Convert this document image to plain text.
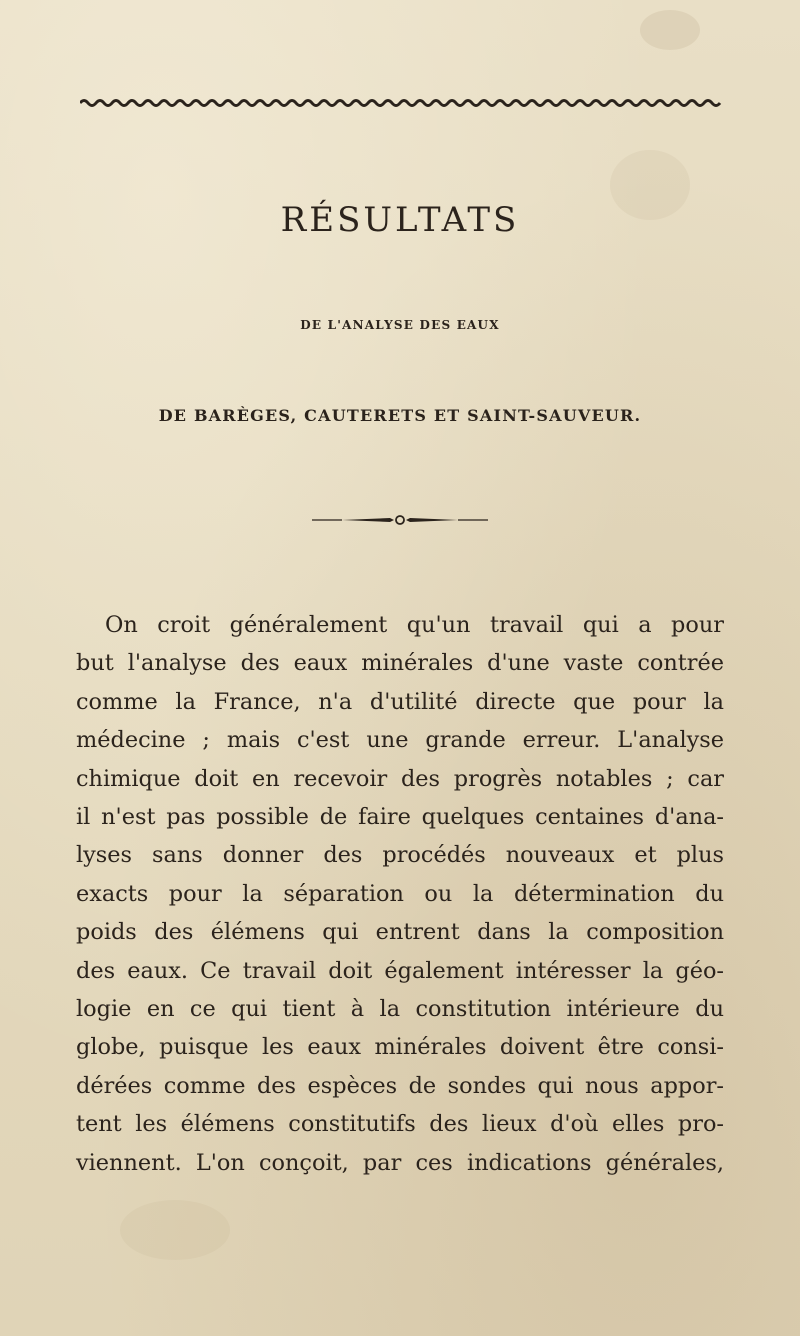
RÉSULTATS
DE L'ANALYSE DES EAUX
DE BARÈGES, CAUTERETS ET SAINT-SAUVEUR.
On croit généralement qu'un travail qui a pour
but l'analyse des eaux minérales d'une vaste contrée
comme la France, n'a d'utilité directe que pour la
médecine ; mais c'est une grande erreur. L'analyse
chimique doit en recevoir des progrès notables ; car
il n'est pas possible de faire quelques centaines d'ana-
lyses sans donner des procédés nouveaux et plus
exacts pour la séparation ou la détermination du
poids des élémens qui entrent dans la composition
des eaux. Ce travail doit également intéresser la géo-
logie en ce qui tient à la constitution intérieure du
globe, puisque les eaux minérales doivent être consi-
dérées comme des espèces de sondes qui nous appor-
tent les élémens constitutifs des lieux d'où elles pro-
viennent. L'on conçoit, par ces indications générales,
